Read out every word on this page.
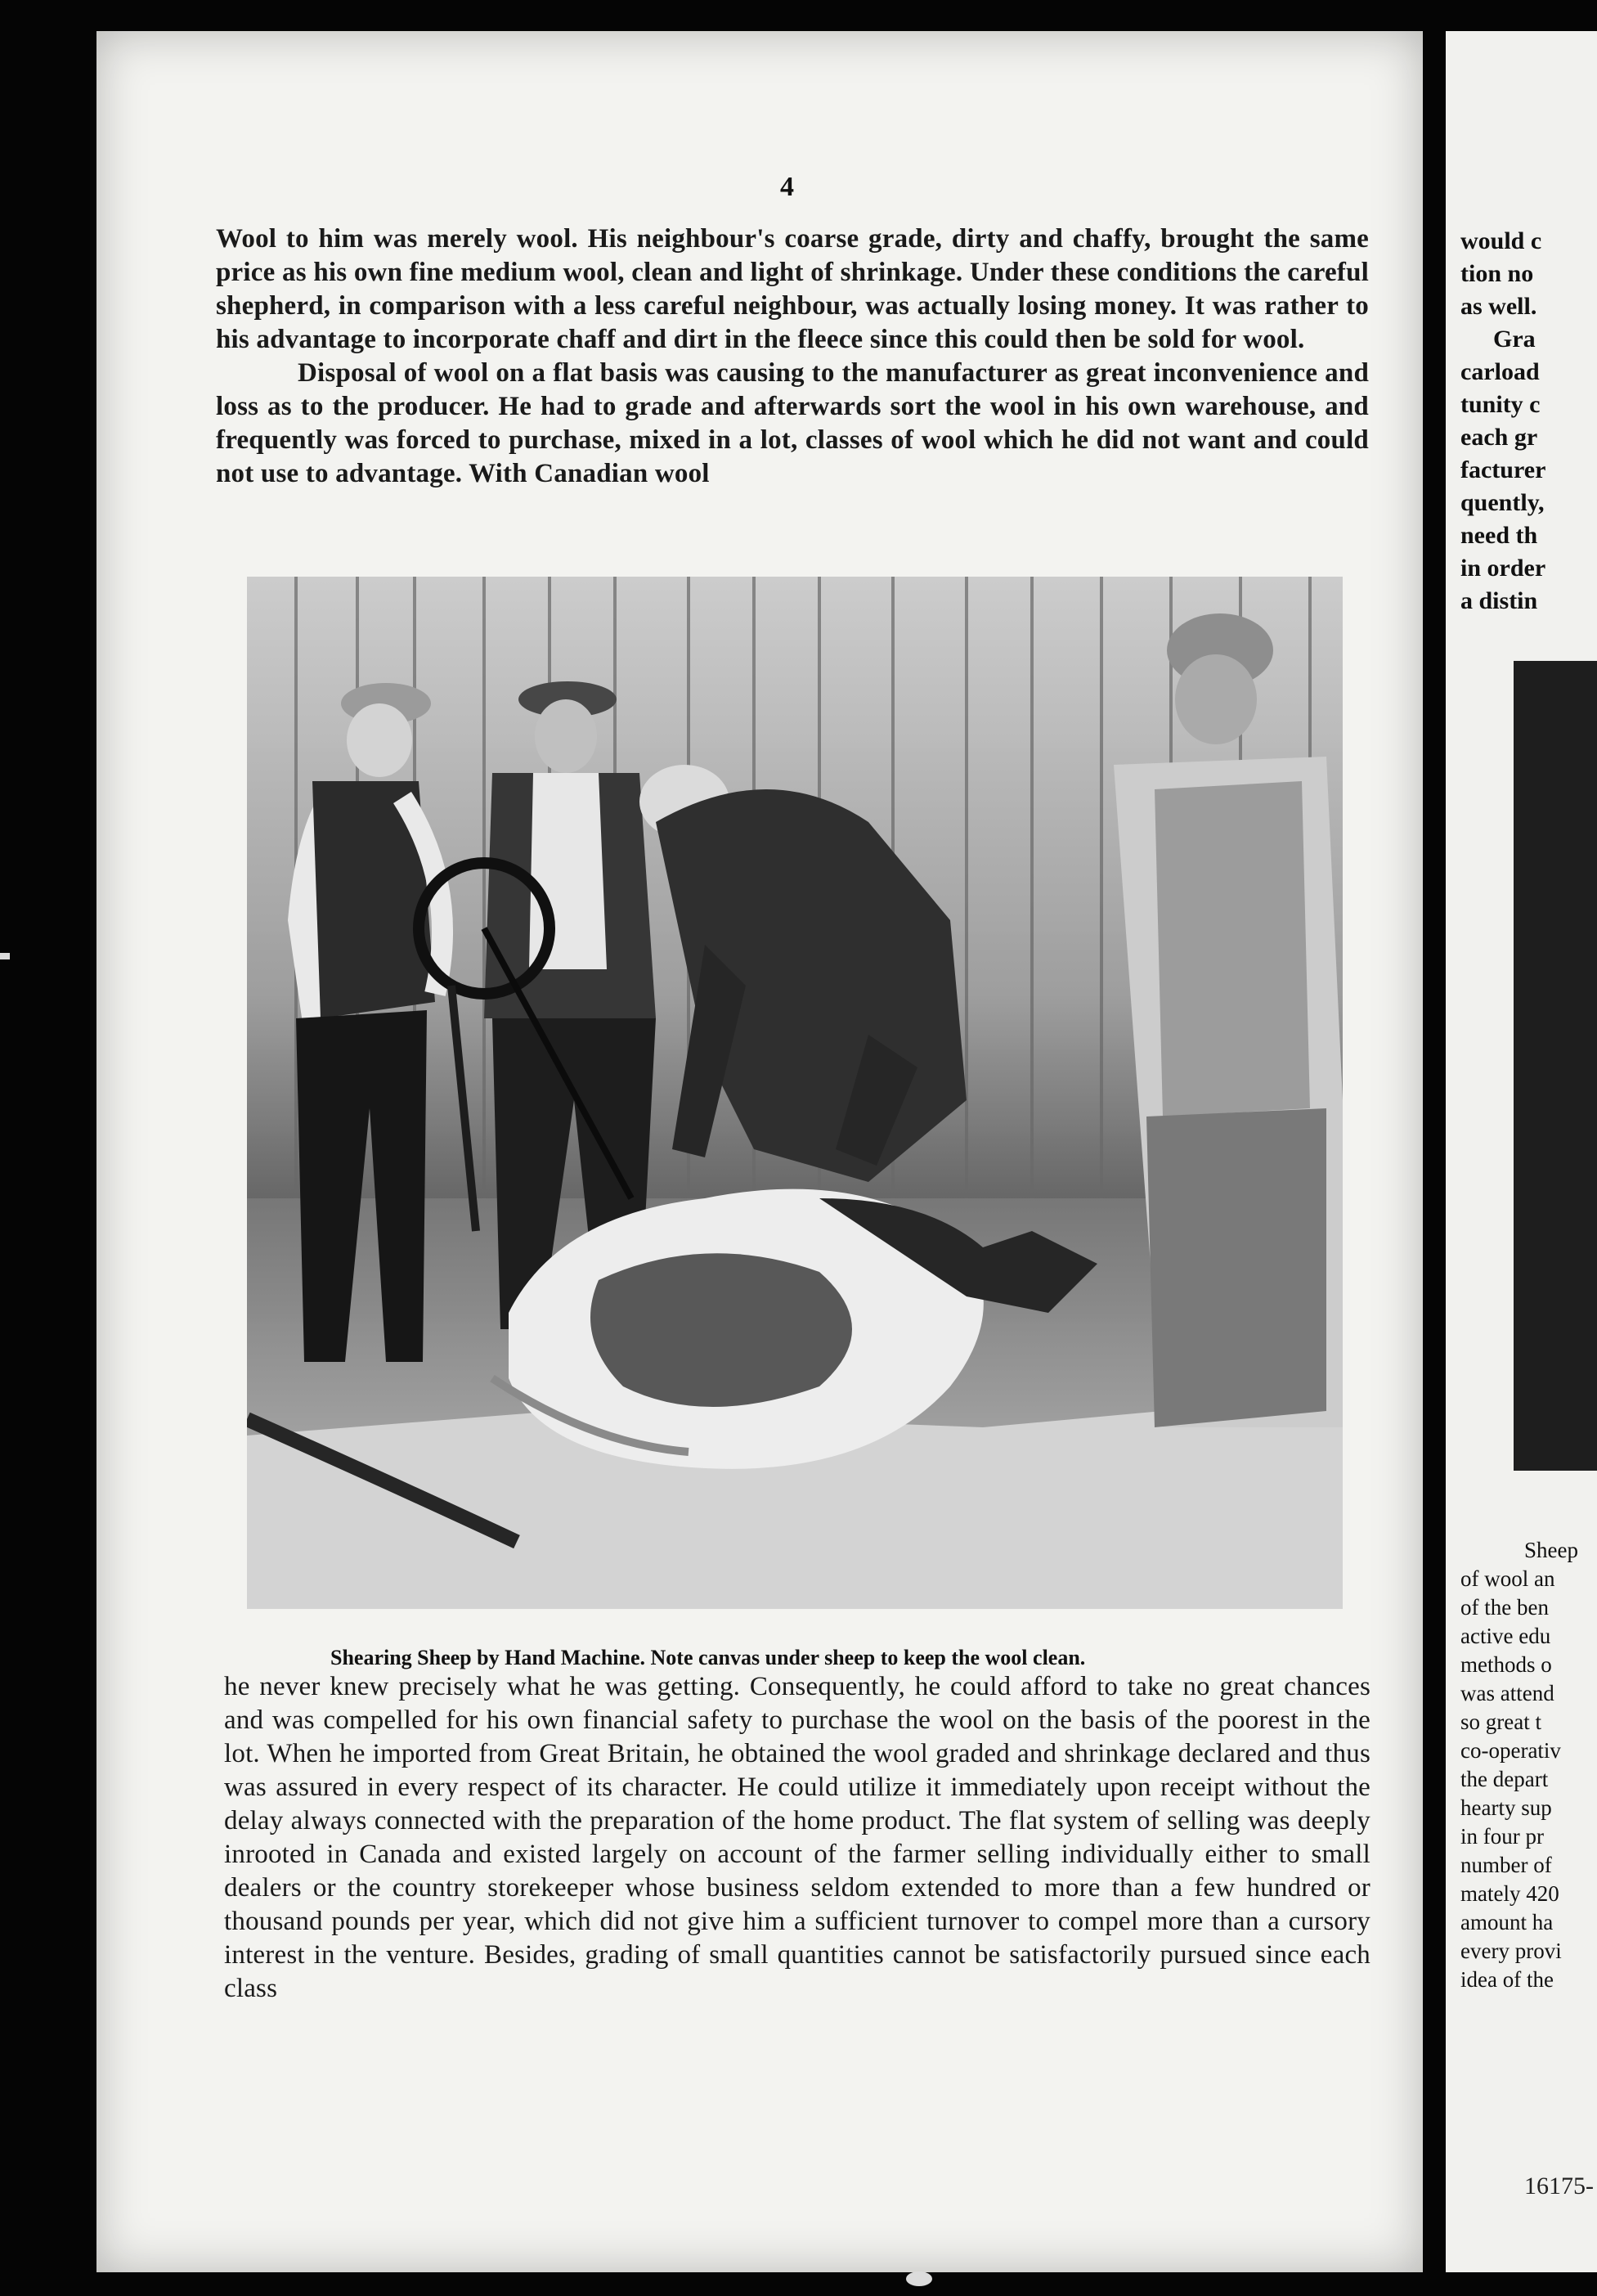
4

Wool to him was merely wool. His neighbour's coarse grade, dirty and chaffy, brought the same price as his own fine medium wool, clean and light of shrinkage. Under these conditions the careful shepherd, in comparison with a less careful neighbour, was actually losing money. It was rather to his advantage to incorporate chaff and dirt in the fleece since this could then be sold for wool.

Disposal of wool on a flat basis was causing to the manufacturer as great inconvenience and loss as to the producer. He had to grade and afterwards sort the wool in his own warehouse, and frequently was forced to purchase, mixed in a lot, classes of wool which he did not want and could not use to advantage. With Canadian wool

Shearing Sheep by Hand Machine. Note canvas under sheep to keep the wool clean.

he never knew precisely what he was getting. Consequently, he could afford to take no great chances and was compelled for his own financial safety to purchase the wool on the basis of the poorest in the lot. When he imported from Great Britain, he obtained the wool graded and shrinkage declared and thus was assured in every respect of its character. He could utilize it immediately upon receipt without the delay always connected with the preparation of the home product. The flat system of selling was deeply inrooted in Canada and existed largely on account of the farmer selling individually either to small dealers or the country storekeeper whose business seldom extended to more than a few hundred or thousand pounds per year, which did not give him a sufficient turnover to compel more than a cursory interest in the venture. Besides, grading of small quantities cannot be satisfactorily pursued since each class

would c
tion no
as well.
Gra
carload
tunity c
each gr
facturer
quently,
need th
in order
a distin
Sheep
of wool an
of the ben
active edu
methods o
was attend
so great t
co-operativ
the depart
hearty sup
in four pr
number of
mately 420
amount ha
every provi
idea of the
16175-
